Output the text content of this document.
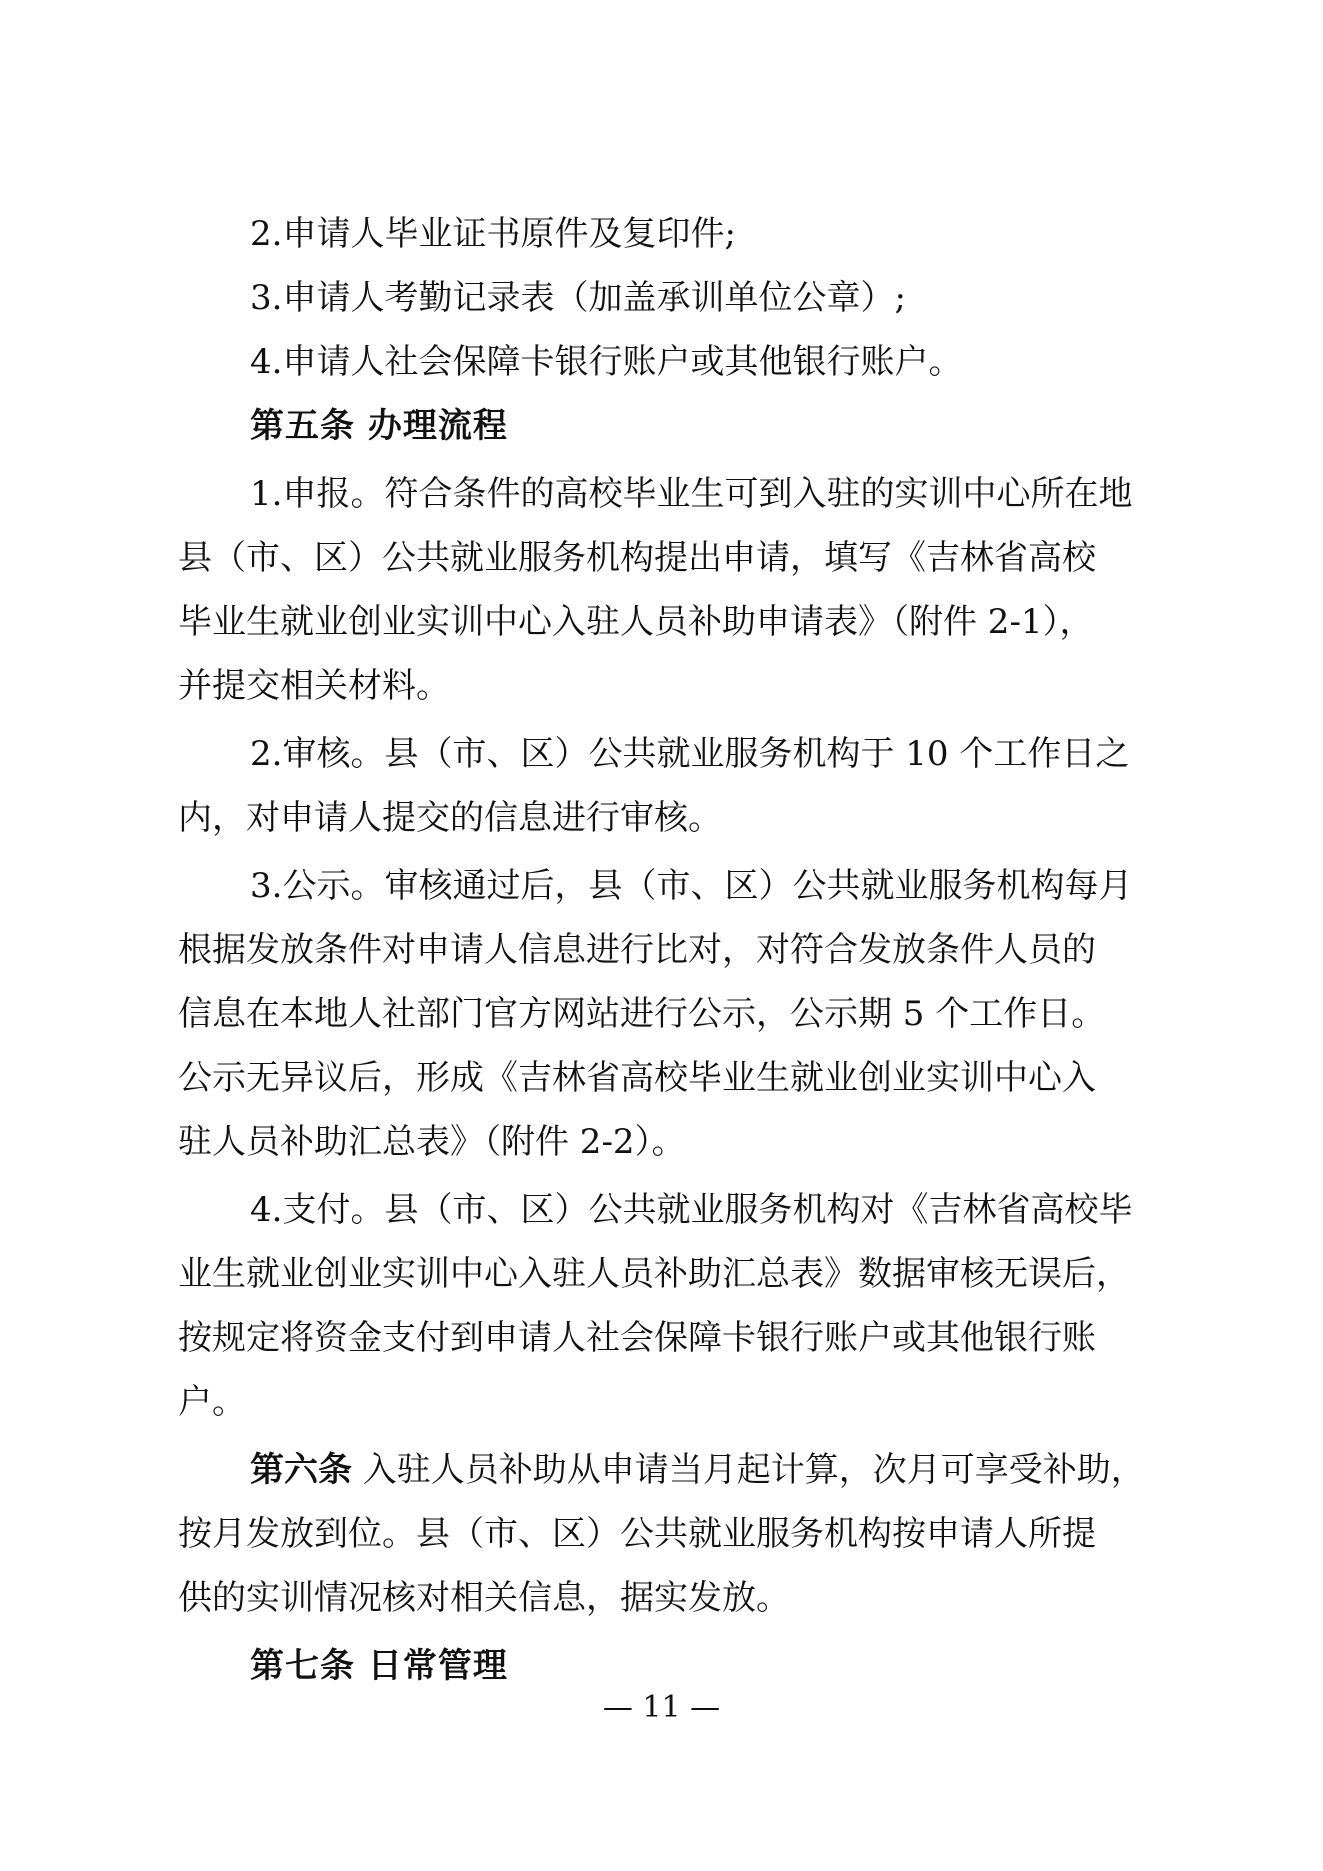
2.申请人毕业证书原件及复印件;
3.申请人考勤记录表（加盖承训单位公章）;
4.申请人社会保障卡银行账户或其他银行账户。
第五条 办理流程
1.申报。符合条件的高校毕业生可到入驻的实训中心所在地
县（市、区）公共就业服务机构提出申请，填写《吉林省高校
毕业生就业创业实训中心入驻人员补助申请表》（附件 2-1），
并提交相关材料。
2.审核。县（市、区）公共就业服务机构于 10 个工作日之
内，对申请人提交的信息进行审核。
3.公示。审核通过后，县（市、区）公共就业服务机构每月
根据发放条件对申请人信息进行比对，对符合发放条件人员的
信息在本地人社部门官方网站进行公示，公示期 5 个工作日。
公示无异议后，形成《吉林省高校毕业生就业创业实训中心入
驻人员补助汇总表》（附件 2-2）。
4.支付。县（市、区）公共就业服务机构对《吉林省高校毕
业生就业创业实训中心入驻人员补助汇总表》数据审核无误后，
按规定将资金支付到申请人社会保障卡银行账户或其他银行账
户。
第六条 入驻人员补助从申请当月起计算，次月可享受补助，
按月发放到位。县（市、区）公共就业服务机构按申请人所提
供的实训情况核对相关信息，据实发放。
第七条 日常管理
— 11 —
